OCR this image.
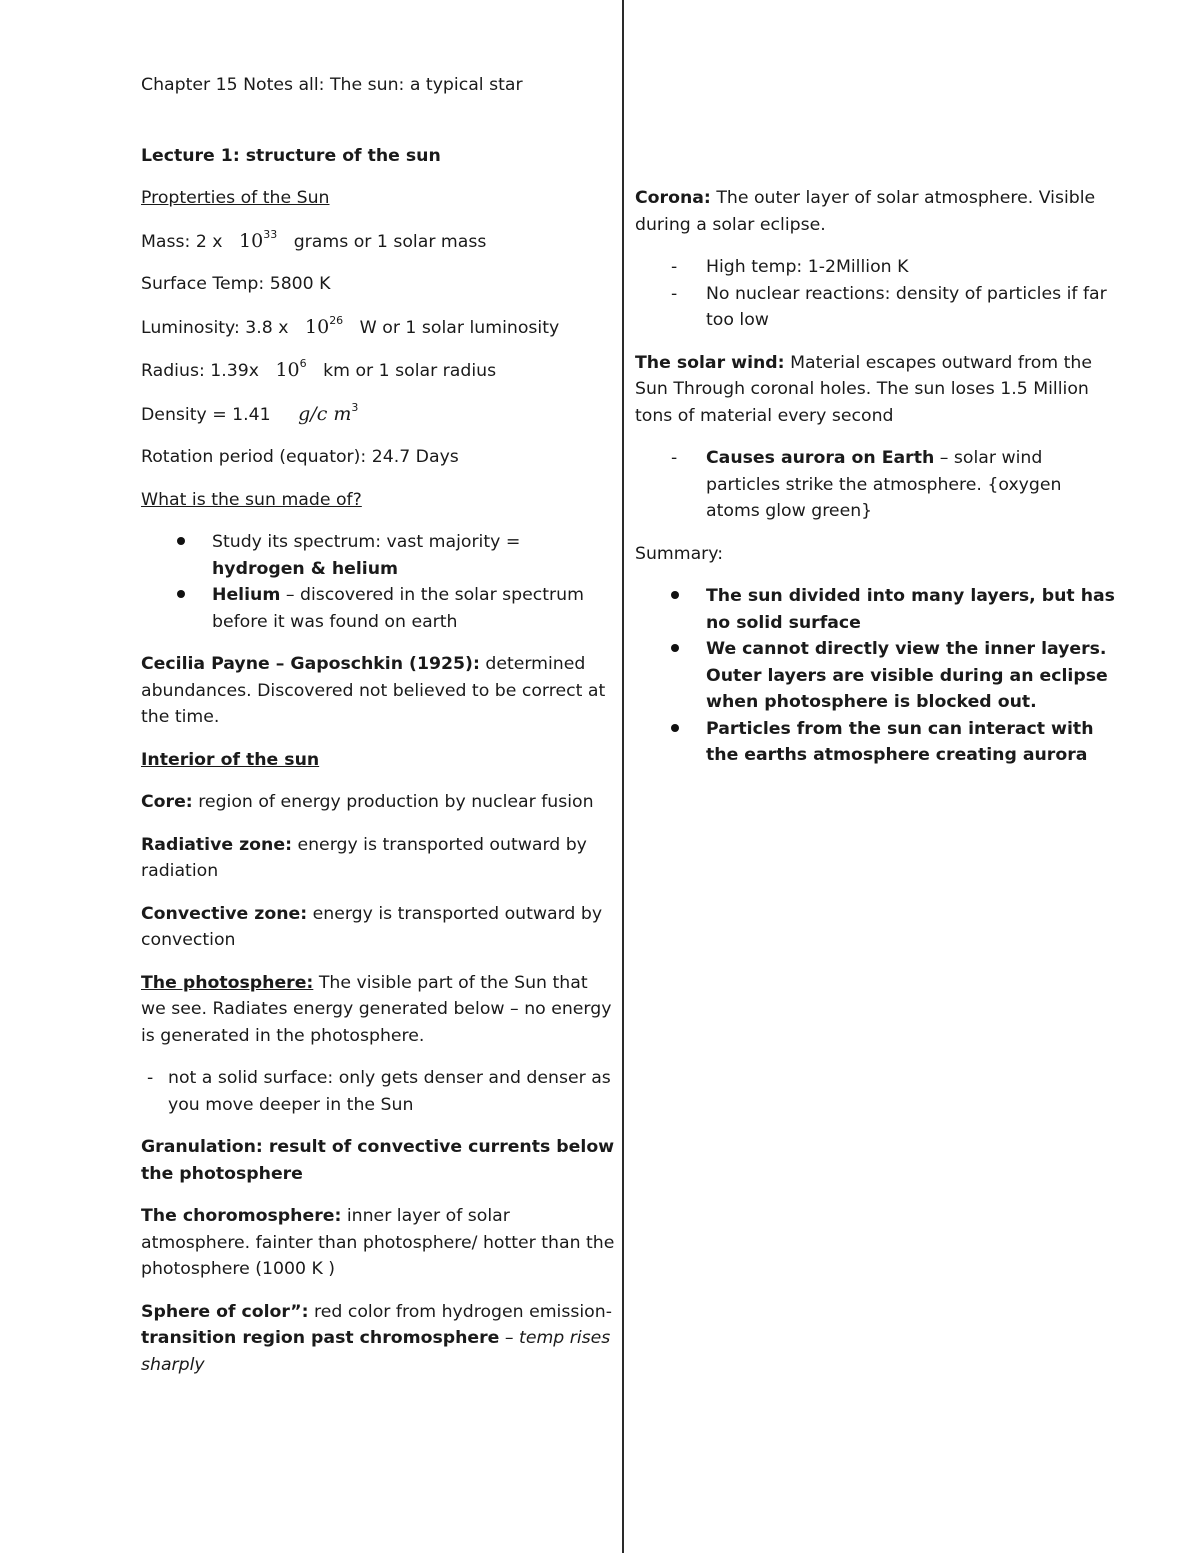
Chapter 15 Notes all: The sun: a typical star

Lecture 1: structure of the sun

Propterties of the Sun

Mass: 2 x $10^{33}$ grams or 1 solar mass

Surface Temp: 5800 K

Luminosity: 3.8 x $10^{26}$ W or 1 solar luminosity

Radius: 1.39x $10^6$ km or 1 solar radius

Density = 1.41 g/c $m^3$

Rotation period (equator): 24.7 Days

What is the sun made of?

Study its spectrum: vast majority = hydrogen & helium
Helium – discovered in the solar spectrum before it was found on earth

Cecilia Payne – Gaposchkin (1925): determined abundances. Discovered not believed to be correct at the time.

Interior of the sun

Core: region of energy production by nuclear fusion

Radiative zone: energy is transported outward by radiation

Convective zone: energy is transported outward by convection

The photosphere: The visible part of the Sun that we see. Radiates energy generated below – no energy is generated in the photosphere.

- not a solid surface: only gets denser and denser as you move deeper in the Sun

Granulation: result of convective currents below the photosphere

The choromosphere: inner layer of solar atmosphere. fainter than photosphere/ hotter than the photosphere (1000 K )

Sphere of color”: red color from hydrogen emission-transition region past chromosphere – temp rises sharply

Corona: The outer layer of solar atmosphere. Visible during a solar eclipse.

- High temp: 1-2Million K
- No nuclear reactions: density of particles if far too low

The solar wind: Material escapes outward from the Sun Through coronal holes. The sun loses 1.5 Million tons of material every second

- Causes aurora on Earth – solar wind particles strike the atmosphere. {oxygen atoms glow green}

Summary:

The sun divided into many layers, but has no solid surface
We cannot directly view the inner layers. Outer layers are visible during an eclipse when photosphere is blocked out.
Particles from the sun can interact with the earths atmosphere creating aurora
